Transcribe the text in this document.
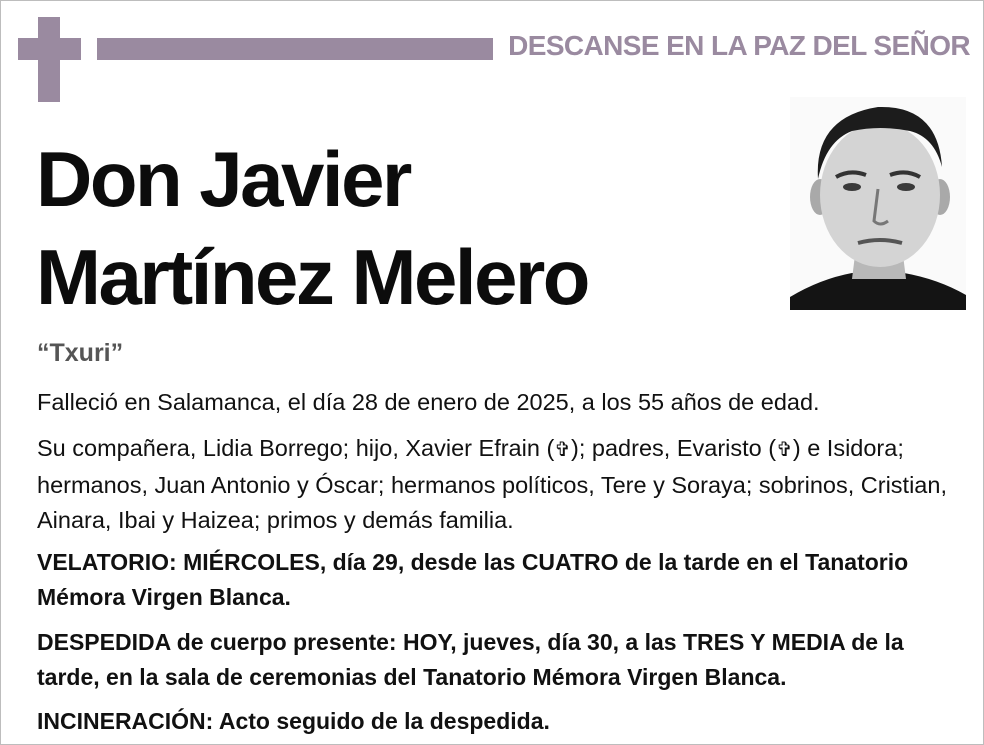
DESCANSE EN LA PAZ DEL SEÑOR
Don Javier
Martínez Melero
“Txuri”
Falleció en Salamanca, el día 28 de enero de 2025, a los 55 años de edad.
Su compañera, Lidia Borrego; hijo, Xavier Efrain (✞); padres, Evaristo (✞) e Isidora; hermanos, Juan Antonio y Óscar; hermanos políticos, Tere y Soraya; sobrinos, Cristian, Ainara, Ibai y Haizea; primos y demás familia.
VELATORIO: MIÉRCOLES, día 29, desde las CUATRO de la tarde en el Tanatorio Mémora Virgen Blanca.
DESPEDIDA de cuerpo presente: HOY, jueves, día 30, a las TRES Y MEDIA de la tarde, en la sala de ceremonias del Tanatorio Mémora Virgen Blanca.
INCINERACIÓN: Acto seguido de la despedida.
